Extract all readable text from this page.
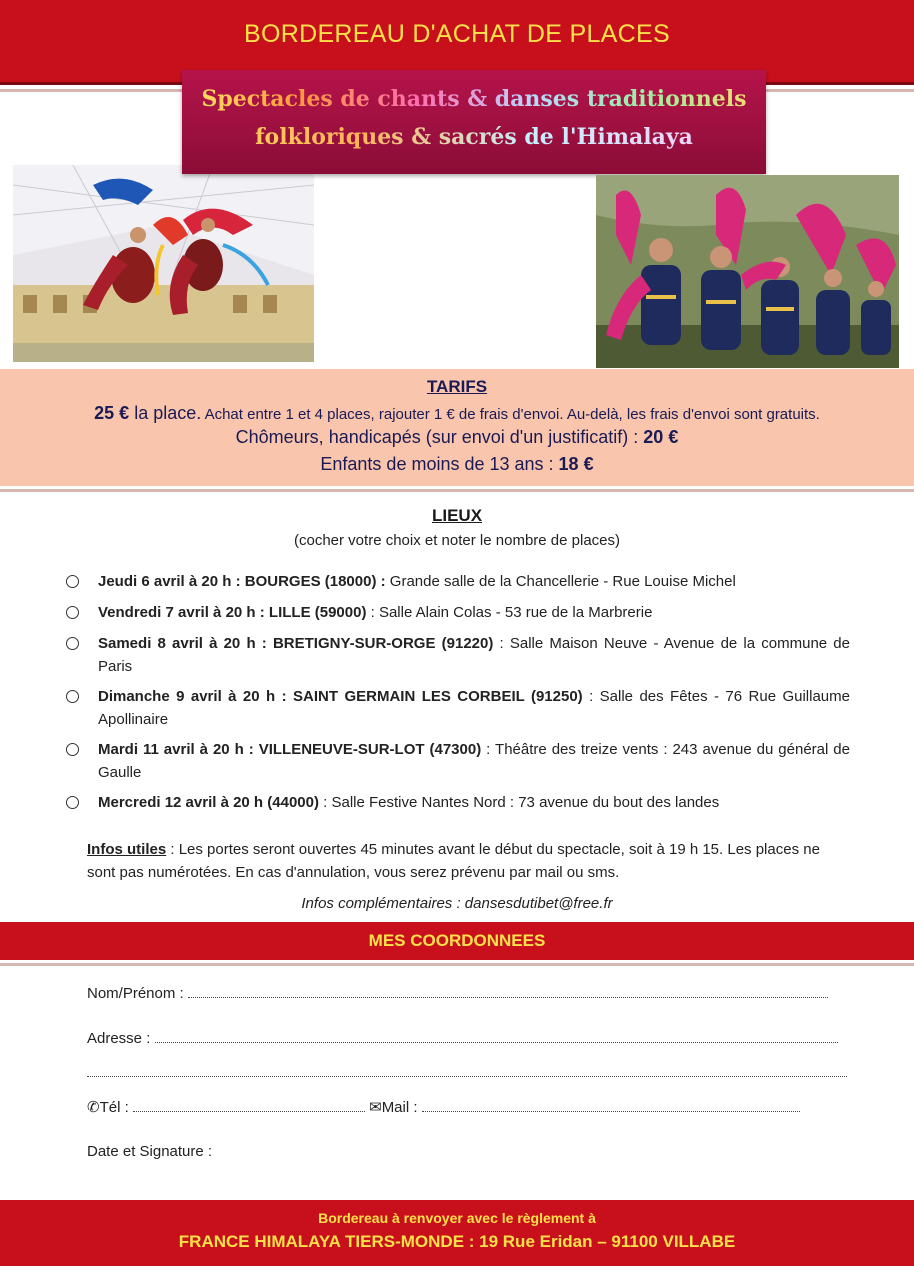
BORDEREAU D'ACHAT DE PLACES
Spectacles de chants & danses traditionnels
folkloriques & sacrés de l'Himalaya
TARIFS
25 € la place. Achat entre 1 et 4 places, rajouter 1 € de frais d'envoi. Au-delà, les frais d'envoi sont gratuits.
Chômeurs, handicapés (sur envoi d'un justificatif) : 20 €
Enfants de moins de 13 ans : 18 €
LIEUX
(cocher votre choix et noter le nombre de places)
Jeudi 6 avril à 20 h : BOURGES (18000) : Grande salle de la Chancellerie - Rue Louise Michel
Vendredi 7 avril à 20 h : LILLE (59000) : Salle Alain Colas - 53 rue de la Marbrerie
Samedi 8 avril à 20 h : BRETIGNY-SUR-ORGE (91220) : Salle Maison Neuve - Avenue de la commune de Paris
Dimanche 9 avril à 20 h : SAINT GERMAIN LES CORBEIL (91250) : Salle des Fêtes - 76 Rue Guillaume Apollinaire
Mardi 11 avril à 20 h : VILLENEUVE-SUR-LOT (47300) : Théâtre des treize vents : 243 avenue du général de Gaulle
Mercredi 12 avril à 20 h (44000) : Salle Festive Nantes Nord : 73 avenue du bout des landes
Infos utiles : Les portes seront ouvertes 45 minutes avant le début du spectacle, soit à 19 h 15. Les places ne sont pas numérotées. En cas d'annulation, vous serez prévenu par mail ou sms.
Infos complémentaires : dansesdutibet@free.fr
MES COORDONNEES
Nom/Prénom :
Adresse :
✆Tél :	✉Mail :
Date et Signature :
Bordereau à renvoyer avec le règlement à
FRANCE HIMALAYA TIERS-MONDE : 19 Rue Eridan – 91100 VILLABE
